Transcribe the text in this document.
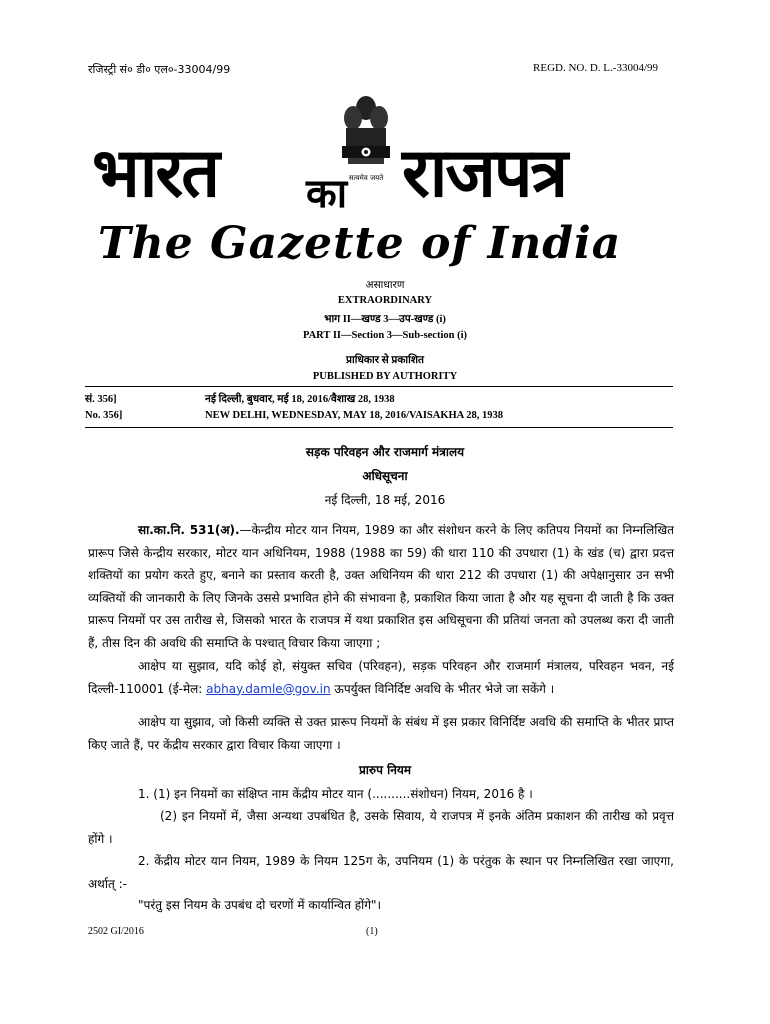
रजिस्ट्री सं० डी० एल०-33004/99	REGD. NO. D. L.-33004/99
सत्यमेव जयते
भारत का राजपत्र
The Gazette of India
असाधारण
EXTRAORDINARY
भाग II—खण्ड 3—उप-खण्ड (i)
PART II—Section 3—Sub-section (i)
प्राधिकार से प्रकाशित
PUBLISHED BY AUTHORITY
सं. 356]	नई दिल्ली, बुधवार, मई 18, 2016/वैशाख 28, 1938
No. 356]	NEW DELHI, WEDNESDAY, MAY 18, 2016/VAISAKHA 28, 1938
सड़क परिवहन और राजमार्ग मंत्रालय
अधिसूचना
नई दिल्ली, 18 मई, 2016
सा.का.नि. 531(अ).—केन्द्रीय मोटर यान नियम, 1989 का और संशोधन करने के लिए कतिपय नियमों का निम्नलिखित प्रारूप जिसे केन्द्रीय सरकार, मोटर यान अधिनियम, 1988 (1988 का 59) की धारा 110 की उपधारा (1) के खंड (च) द्वारा प्रदत्त शक्तियों का प्रयोग करते हुए, बनाने का प्रस्ताव करती है, उक्त अधिनियम की धारा 212 की उपधारा (1) की अपेक्षानुसार उन सभी व्यक्तियों की जानकारी के लिए जिनके उससे प्रभावित होने की संभावना है, प्रकाशित किया जाता है और यह सूचना दी जाती है कि उक्त प्रारूप नियमों पर उस तारीख से, जिसको भारत के राजपत्र में यथा प्रकाशित इस अधिसूचना की प्रतियां जनता को उपलब्ध करा दी जाती हैं, तीस दिन की अवधि की समाप्ति के पश्चात् विचार किया जाएगा ;
आक्षेप या सुझाव, यदि कोई हो, संयुक्त सचिव (परिवहन), सड़क परिवहन और राजमार्ग मंत्रालय, परिवहन भवन, नई दिल्ली-110001 (ई-मेल: abhay.damle@gov.in ऊपर्युक्त विनिर्दिष्ट अवधि के भीतर भेजे जा सकेंगे ।
आक्षेप या सुझाव, जो किसी व्यक्ति से उक्त प्रारूप नियमों के संबंध में इस प्रकार विनिर्दिष्ट अवधि की समाप्ति के भीतर प्राप्त किए जाते हैं, पर केंद्रीय सरकार द्वारा विचार किया जाएगा ।
प्रारुप नियम
1. (1) इन नियमों का संक्षिप्त नाम केंद्रीय मोटर यान (..........संशोधन) नियम, 2016 है ।
(2) इन नियमों में, जैसा अन्यथा उपबंधित है, उसके सिवाय, ये राजपत्र में इनके अंतिम प्रकाशन की तारीख को प्रवृत्त होंगे ।
2. केंद्रीय मोटर यान नियम, 1989 के नियम 125ग के, उपनियम (1) के परंतुक के स्थान पर निम्नलिखित रखा जाएगा, अर्थात् :-
"परंतु इस नियम के उपबंध दो चरणों में कार्यान्वित होंगे"।
2502 GI/2016	(1)
